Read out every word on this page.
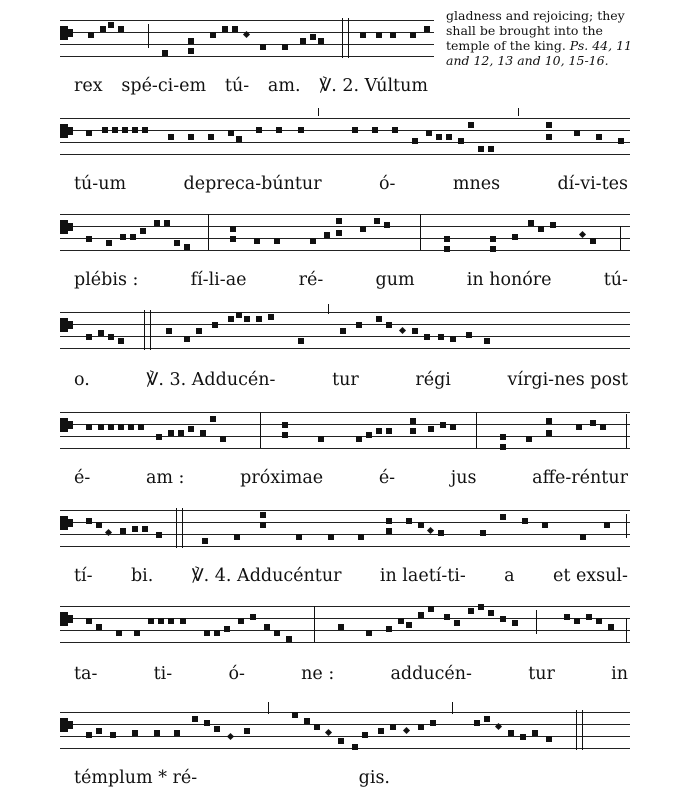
gladness and rejoicing; they shall be brought into the temple of the king. Ps. 44, 11 and 12, 13 and 10, 15-16.
rex spé-ci-em tú- am. ℣. 2. Vúltum
tú-um	depreca-búntur	ó-	mnes	dí-vi-tes
plébis :	fí-li-ae	ré-	gum	in honóre	tú-
o.	℣. 3. Adducén-	tur	régi	vírgi-nes post
é-	am :	próximae	é-	jus	affe-réntur
tí- bi. ℣. 4. Adducéntur in laetí-ti- a et exsul-
ta-	ti-	ó-	ne :	adducén-	tur	in
témplum * ré-	gis.
